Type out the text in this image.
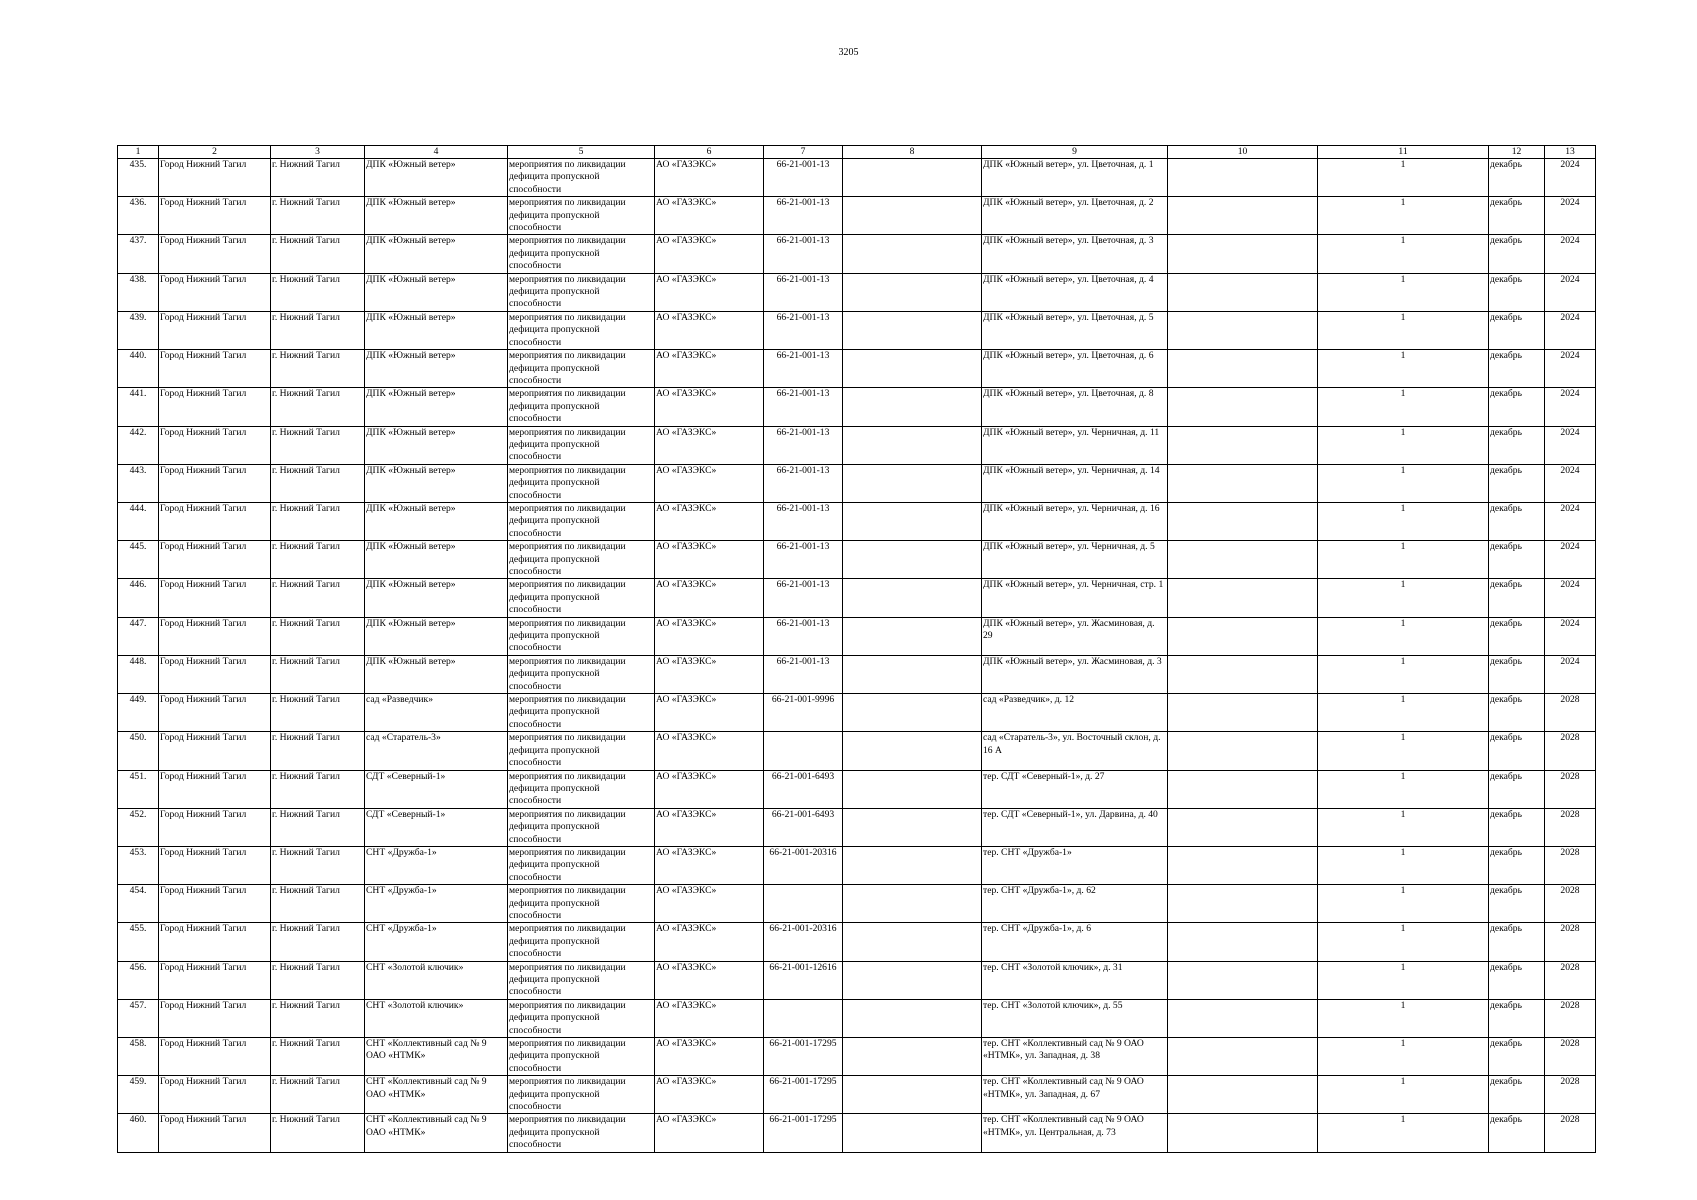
3205
1	2	3	4	5	6	7	8	9	10	11	12	13
435.	Город Нижний Тагил	г. Нижний Тагил	ДПК «Южный ветер»	мероприятия по ликвидации дефицита пропускной способности	АО «ГАЗЭКС»	66-21-001-13		ДПК «Южный ветер», ул. Цветочная, д. 1		1	декабрь	2024
436.	Город Нижний Тагил	г. Нижний Тагил	ДПК «Южный ветер»	мероприятия по ликвидации дефицита пропускной способности	АО «ГАЗЭКС»	66-21-001-13		ДПК «Южный ветер», ул. Цветочная, д. 2		1	декабрь	2024
437.	Город Нижний Тагил	г. Нижний Тагил	ДПК «Южный ветер»	мероприятия по ликвидации дефицита пропускной способности	АО «ГАЗЭКС»	66-21-001-13		ДПК «Южный ветер», ул. Цветочная, д. 3		1	декабрь	2024
438.	Город Нижний Тагил	г. Нижний Тагил	ДПК «Южный ветер»	мероприятия по ликвидации дефицита пропускной способности	АО «ГАЗЭКС»	66-21-001-13		ДПК «Южный ветер», ул. Цветочная, д. 4		1	декабрь	2024
439.	Город Нижний Тагил	г. Нижний Тагил	ДПК «Южный ветер»	мероприятия по ликвидации дефицита пропускной способности	АО «ГАЗЭКС»	66-21-001-13		ДПК «Южный ветер», ул. Цветочная, д. 5		1	декабрь	2024
440.	Город Нижний Тагил	г. Нижний Тагил	ДПК «Южный ветер»	мероприятия по ликвидации дефицита пропускной способности	АО «ГАЗЭКС»	66-21-001-13		ДПК «Южный ветер», ул. Цветочная, д. 6		1	декабрь	2024
441.	Город Нижний Тагил	г. Нижний Тагил	ДПК «Южный ветер»	мероприятия по ликвидации дефицита пропускной способности	АО «ГАЗЭКС»	66-21-001-13		ДПК «Южный ветер», ул. Цветочная, д. 8		1	декабрь	2024
442.	Город Нижний Тагил	г. Нижний Тагил	ДПК «Южный ветер»	мероприятия по ликвидации дефицита пропускной способности	АО «ГАЗЭКС»	66-21-001-13		ДПК «Южный ветер», ул. Черничная, д. 11		1	декабрь	2024
443.	Город Нижний Тагил	г. Нижний Тагил	ДПК «Южный ветер»	мероприятия по ликвидации дефицита пропускной способности	АО «ГАЗЭКС»	66-21-001-13		ДПК «Южный ветер», ул. Черничная, д. 14		1	декабрь	2024
444.	Город Нижний Тагил	г. Нижний Тагил	ДПК «Южный ветер»	мероприятия по ликвидации дефицита пропускной способности	АО «ГАЗЭКС»	66-21-001-13		ДПК «Южный ветер», ул. Черничная, д. 16		1	декабрь	2024
445.	Город Нижний Тагил	г. Нижний Тагил	ДПК «Южный ветер»	мероприятия по ликвидации дефицита пропускной способности	АО «ГАЗЭКС»	66-21-001-13		ДПК «Южный ветер», ул. Черничная, д. 5		1	декабрь	2024
446.	Город Нижний Тагил	г. Нижний Тагил	ДПК «Южный ветер»	мероприятия по ликвидации дефицита пропускной способности	АО «ГАЗЭКС»	66-21-001-13		ДПК «Южный ветер», ул. Черничная, стр. 1		1	декабрь	2024
447.	Город Нижний Тагил	г. Нижний Тагил	ДПК «Южный ветер»	мероприятия по ликвидации дефицита пропускной способности	АО «ГАЗЭКС»	66-21-001-13		ДПК «Южный ветер», ул. Жасминовая, д. 29		1	декабрь	2024
448.	Город Нижний Тагил	г. Нижний Тагил	ДПК «Южный ветер»	мероприятия по ликвидации дефицита пропускной способности	АО «ГАЗЭКС»	66-21-001-13		ДПК «Южный ветер», ул. Жасминовая, д. 3		1	декабрь	2024
449.	Город Нижний Тагил	г. Нижний Тагил	сад «Разведчик»	мероприятия по ликвидации дефицита пропускной способности	АО «ГАЗЭКС»	66-21-001-9996		сад «Разведчик», д. 12		1	декабрь	2028
450.	Город Нижний Тагил	г. Нижний Тагил	сад «Старатель-3»	мероприятия по ликвидации дефицита пропускной способности	АО «ГАЗЭКС»			сад «Старатель-3», ул. Восточный склон, д. 16 А		1	декабрь	2028
451.	Город Нижний Тагил	г. Нижний Тагил	СДТ «Северный-1»	мероприятия по ликвидации дефицита пропускной способности	АО «ГАЗЭКС»	66-21-001-6493		тер. СДТ «Северный-1», д. 27		1	декабрь	2028
452.	Город Нижний Тагил	г. Нижний Тагил	СДТ «Северный-1»	мероприятия по ликвидации дефицита пропускной способности	АО «ГАЗЭКС»	66-21-001-6493		тер. СДТ «Северный-1», ул. Дарвина, д. 40		1	декабрь	2028
453.	Город Нижний Тагил	г. Нижний Тагил	СНТ «Дружба-1»	мероприятия по ликвидации дефицита пропускной способности	АО «ГАЗЭКС»	66-21-001-20316		тер. СНТ «Дружба-1»		1	декабрь	2028
454.	Город Нижний Тагил	г. Нижний Тагил	СНТ «Дружба-1»	мероприятия по ликвидации дефицита пропускной способности	АО «ГАЗЭКС»			тер. СНТ «Дружба-1», д. 62		1	декабрь	2028
455.	Город Нижний Тагил	г. Нижний Тагил	СНТ «Дружба-1»	мероприятия по ликвидации дефицита пропускной способности	АО «ГАЗЭКС»	66-21-001-20316		тер. СНТ «Дружба-1», д. 6		1	декабрь	2028
456.	Город Нижний Тагил	г. Нижний Тагил	СНТ «Золотой ключик»	мероприятия по ликвидации дефицита пропускной способности	АО «ГАЗЭКС»	66-21-001-12616		тер. СНТ «Золотой ключик», д. 31		1	декабрь	2028
457.	Город Нижний Тагил	г. Нижний Тагил	СНТ «Золотой ключик»	мероприятия по ликвидации дефицита пропускной способности	АО «ГАЗЭКС»			тер. СНТ «Золотой ключик», д. 55		1	декабрь	2028
458.	Город Нижний Тагил	г. Нижний Тагил	СНТ «Коллективный сад № 9 ОАО «НТМК»	мероприятия по ликвидации дефицита пропускной способности	АО «ГАЗЭКС»	66-21-001-17295		тер. СНТ «Коллективный сад № 9 ОАО «НТМК», ул. Западная, д. 38		1	декабрь	2028
459.	Город Нижний Тагил	г. Нижний Тагил	СНТ «Коллективный сад № 9 ОАО «НТМК»	мероприятия по ликвидации дефицита пропускной способности	АО «ГАЗЭКС»	66-21-001-17295		тер. СНТ «Коллективный сад № 9 ОАО «НТМК», ул. Западная, д. 67		1	декабрь	2028
460.	Город Нижний Тагил	г. Нижний Тагил	СНТ «Коллективный сад № 9 ОАО «НТМК»	мероприятия по ликвидации дефицита пропускной способности	АО «ГАЗЭКС»	66-21-001-17295		тер. СНТ «Коллективный сад № 9 ОАО «НТМК», ул. Центральная, д. 73		1	декабрь	2028
